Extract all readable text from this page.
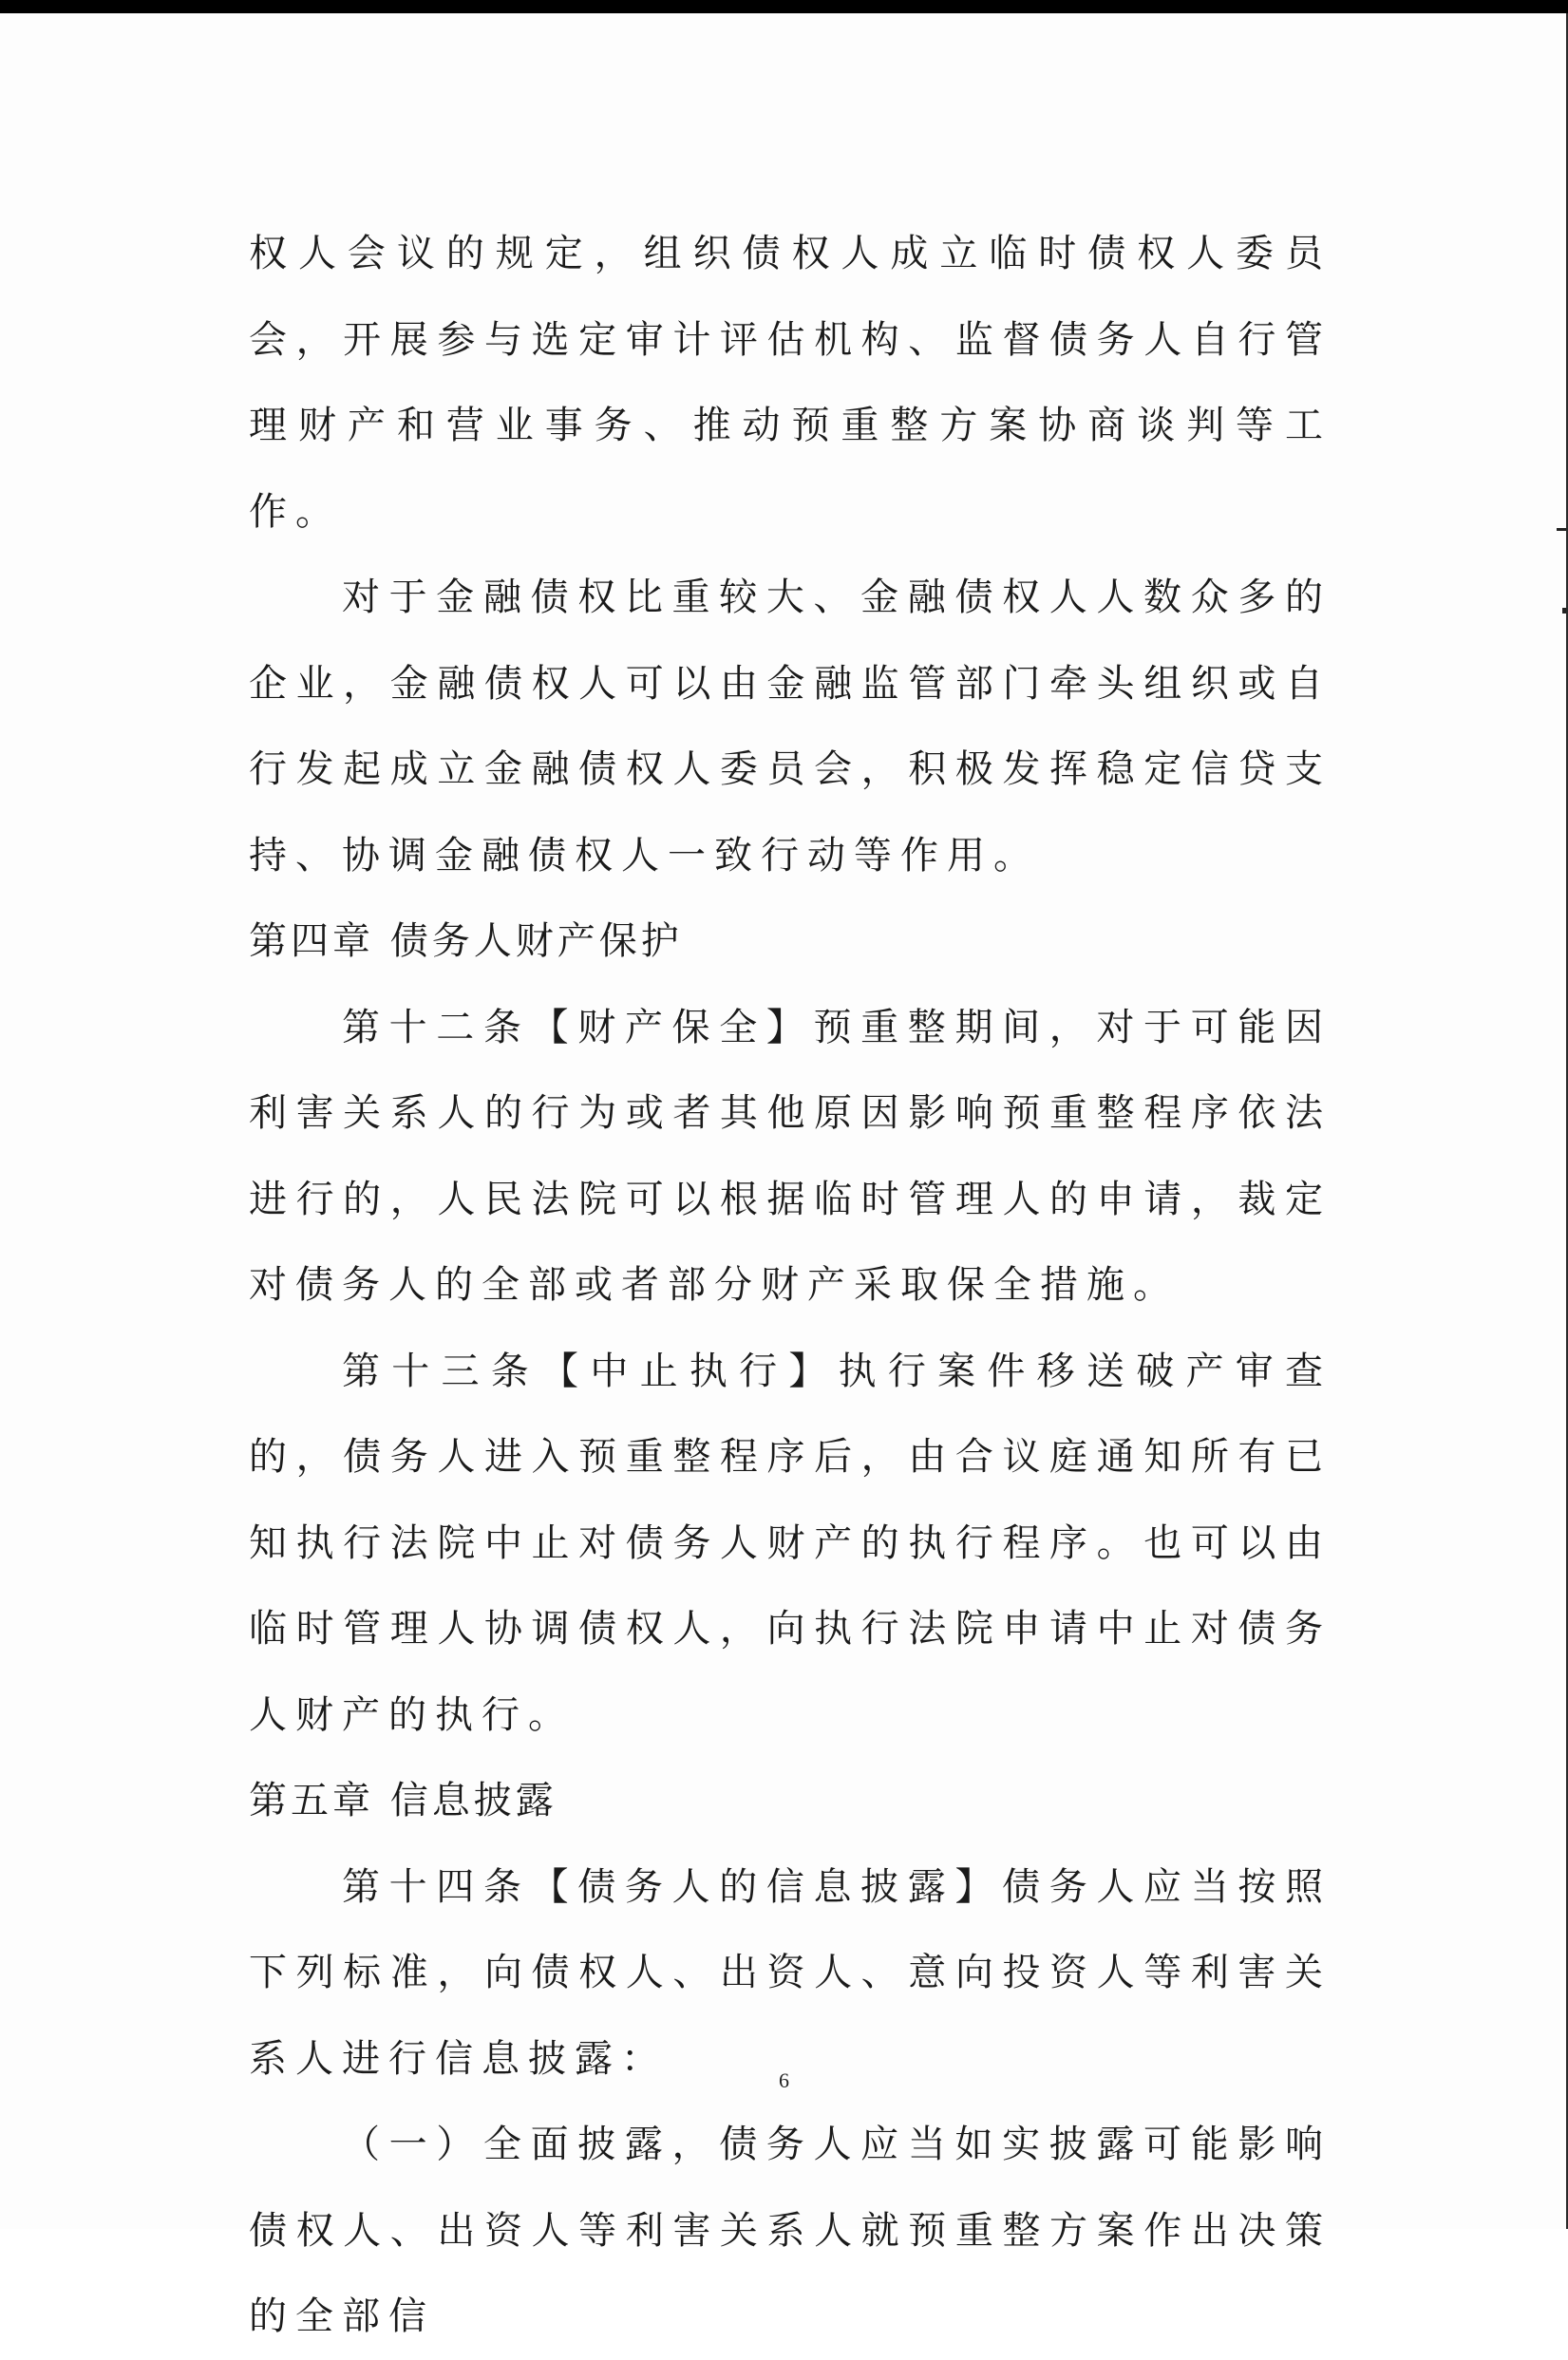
权人会议的规定，组织债权人成立临时债权人委员会，开展参与选定审计评估机构、监督债务人自行管理财产和营业事务、推动预重整方案协商谈判等工作。

对于金融债权比重较大、金融债权人人数众多的企业，金融债权人可以由金融监管部门牵头组织或自行发起成立金融债权人委员会，积极发挥稳定信贷支持、协调金融债权人一致行动等作用。

第四章 债务人财产保护

第十二条【财产保全】预重整期间，对于可能因利害关系人的行为或者其他原因影响预重整程序依法进行的，人民法院可以根据临时管理人的申请，裁定对债务人的全部或者部分财产采取保全措施。

第十三条【中止执行】执行案件移送破产审查的，债务人进入预重整程序后，由合议庭通知所有已知执行法院中止对债务人财产的执行程序。也可以由临时管理人协调债权人，向执行法院申请中止对债务人财产的执行。

第五章 信息披露

第十四条【债务人的信息披露】债务人应当按照下列标准，向债权人、出资人、意向投资人等利害关系人进行信息披露：

（一）全面披露，债务人应当如实披露可能影响债权人、出资人等利害关系人就预重整方案作出决策的全部信

6
